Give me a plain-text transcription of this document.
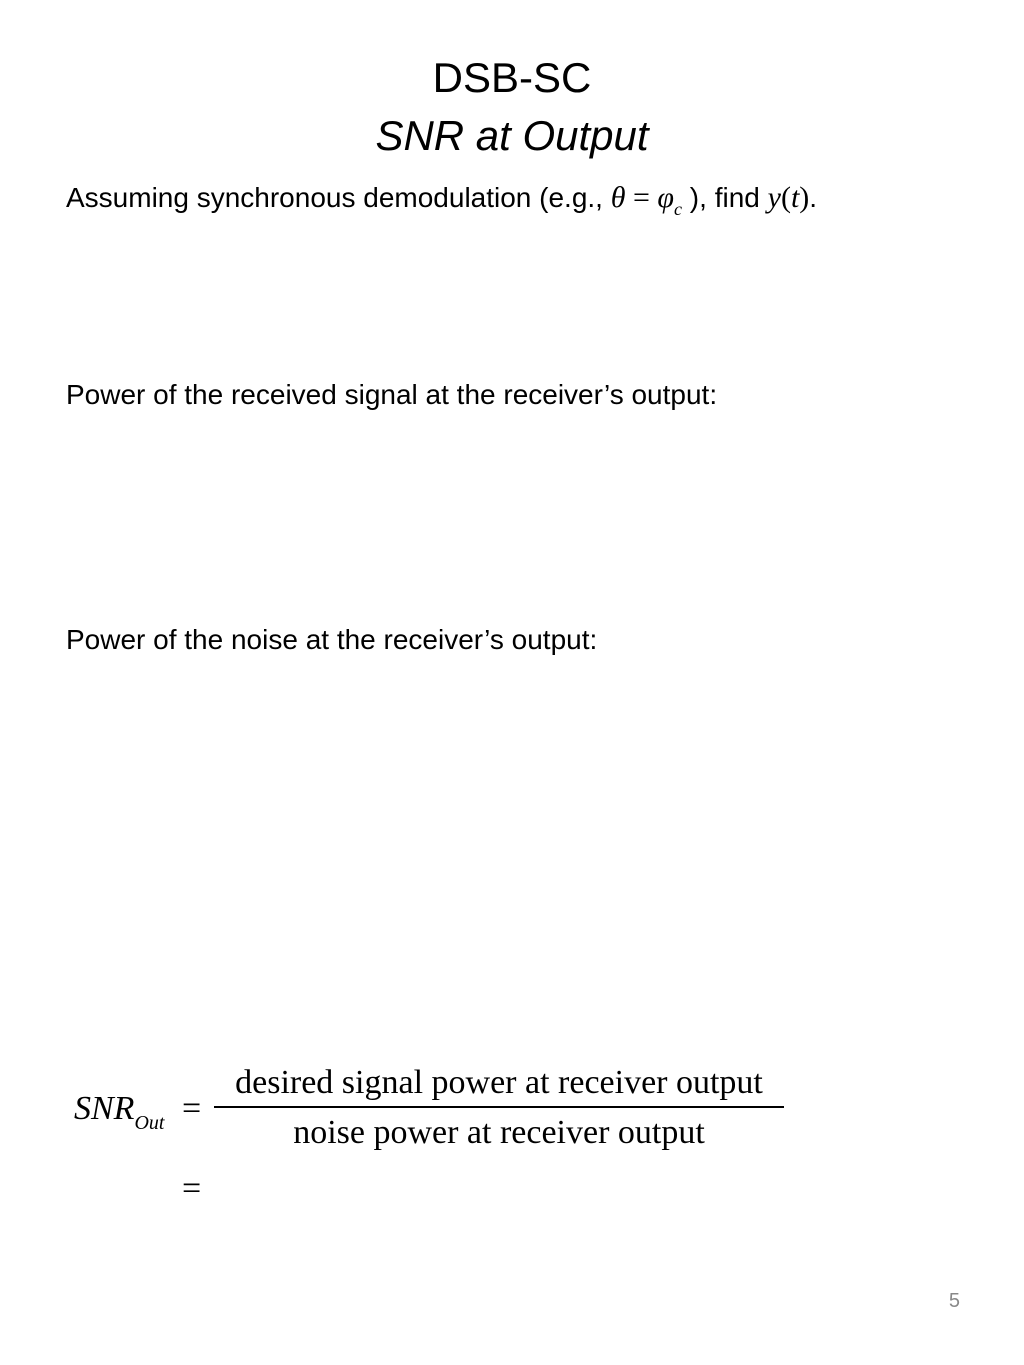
DSB-SC
SNR at Output
Assuming synchronous demodulation (e.g., $\theta = \varphi_c$ ), find y(t).
Power of the received signal at the receiver’s output:
Power of the noise at the receiver’s output:
$SNR_{Out}$ =
desired signal power at receiver output
noise power at receiver output
=
5
